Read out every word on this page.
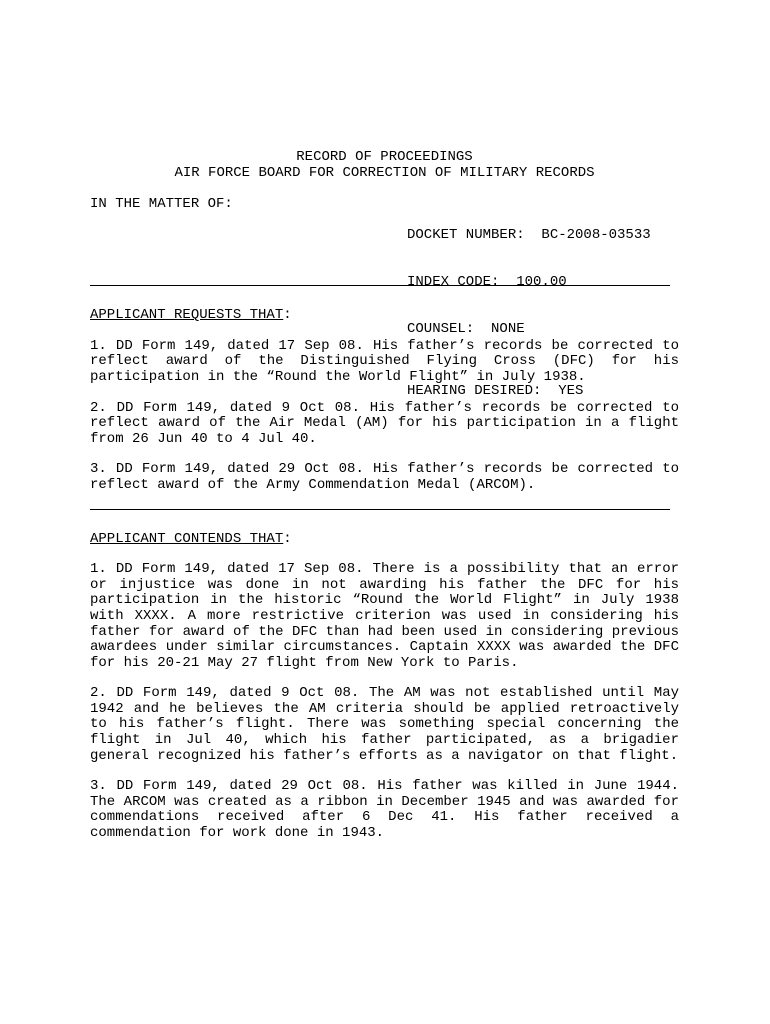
RECORD OF PROCEEDINGS
AIR FORCE BOARD FOR CORRECTION OF MILITARY RECORDS
IN THE MATTER OF:

DOCKET NUMBER:  BC-2008-03533

INDEX CODE:  100.00

COUNSEL:  NONE

HEARING DESIRED:  YES

APPLICANT REQUESTS THAT:

1. DD Form 149, dated 17 Sep 08. His father’s records be corrected to reflect award of the Distinguished Flying Cross (DFC) for his participation in the “Round the World Flight” in July 1938.

2. DD Form 149, dated 9 Oct 08. His father’s records be corrected to reflect award of the Air Medal (AM) for his participation in a flight from 26 Jun 40 to 4 Jul 40.

3. DD Form 149, dated 29 Oct 08. His father’s records be corrected to reflect award of the Army Commendation Medal (ARCOM).

APPLICANT CONTENDS THAT:

1. DD Form 149, dated 17 Sep 08. There is a possibility that an error or injustice was done in not awarding his father the DFC for his participation in the historic “Round the World Flight” in July 1938 with XXXX. A more restrictive criterion was used in considering his father for award of the DFC than had been used in considering previous awardees under similar circumstances. Captain XXXX was awarded the DFC for his 20-21 May 27 flight from New York to Paris.

2. DD Form 149, dated 9 Oct 08. The AM was not established until May 1942 and he believes the AM criteria should be applied retroactively to his father’s flight. There was something special concerning the flight in Jul 40, which his father participated, as a brigadier general recognized his father’s efforts as a navigator on that flight.

3. DD Form 149, dated 29 Oct 08. His father was killed in June 1944. The ARCOM was created as a ribbon in December 1945 and was awarded for commendations received after 6 Dec 41. His father received a commendation for work done in 1943.
